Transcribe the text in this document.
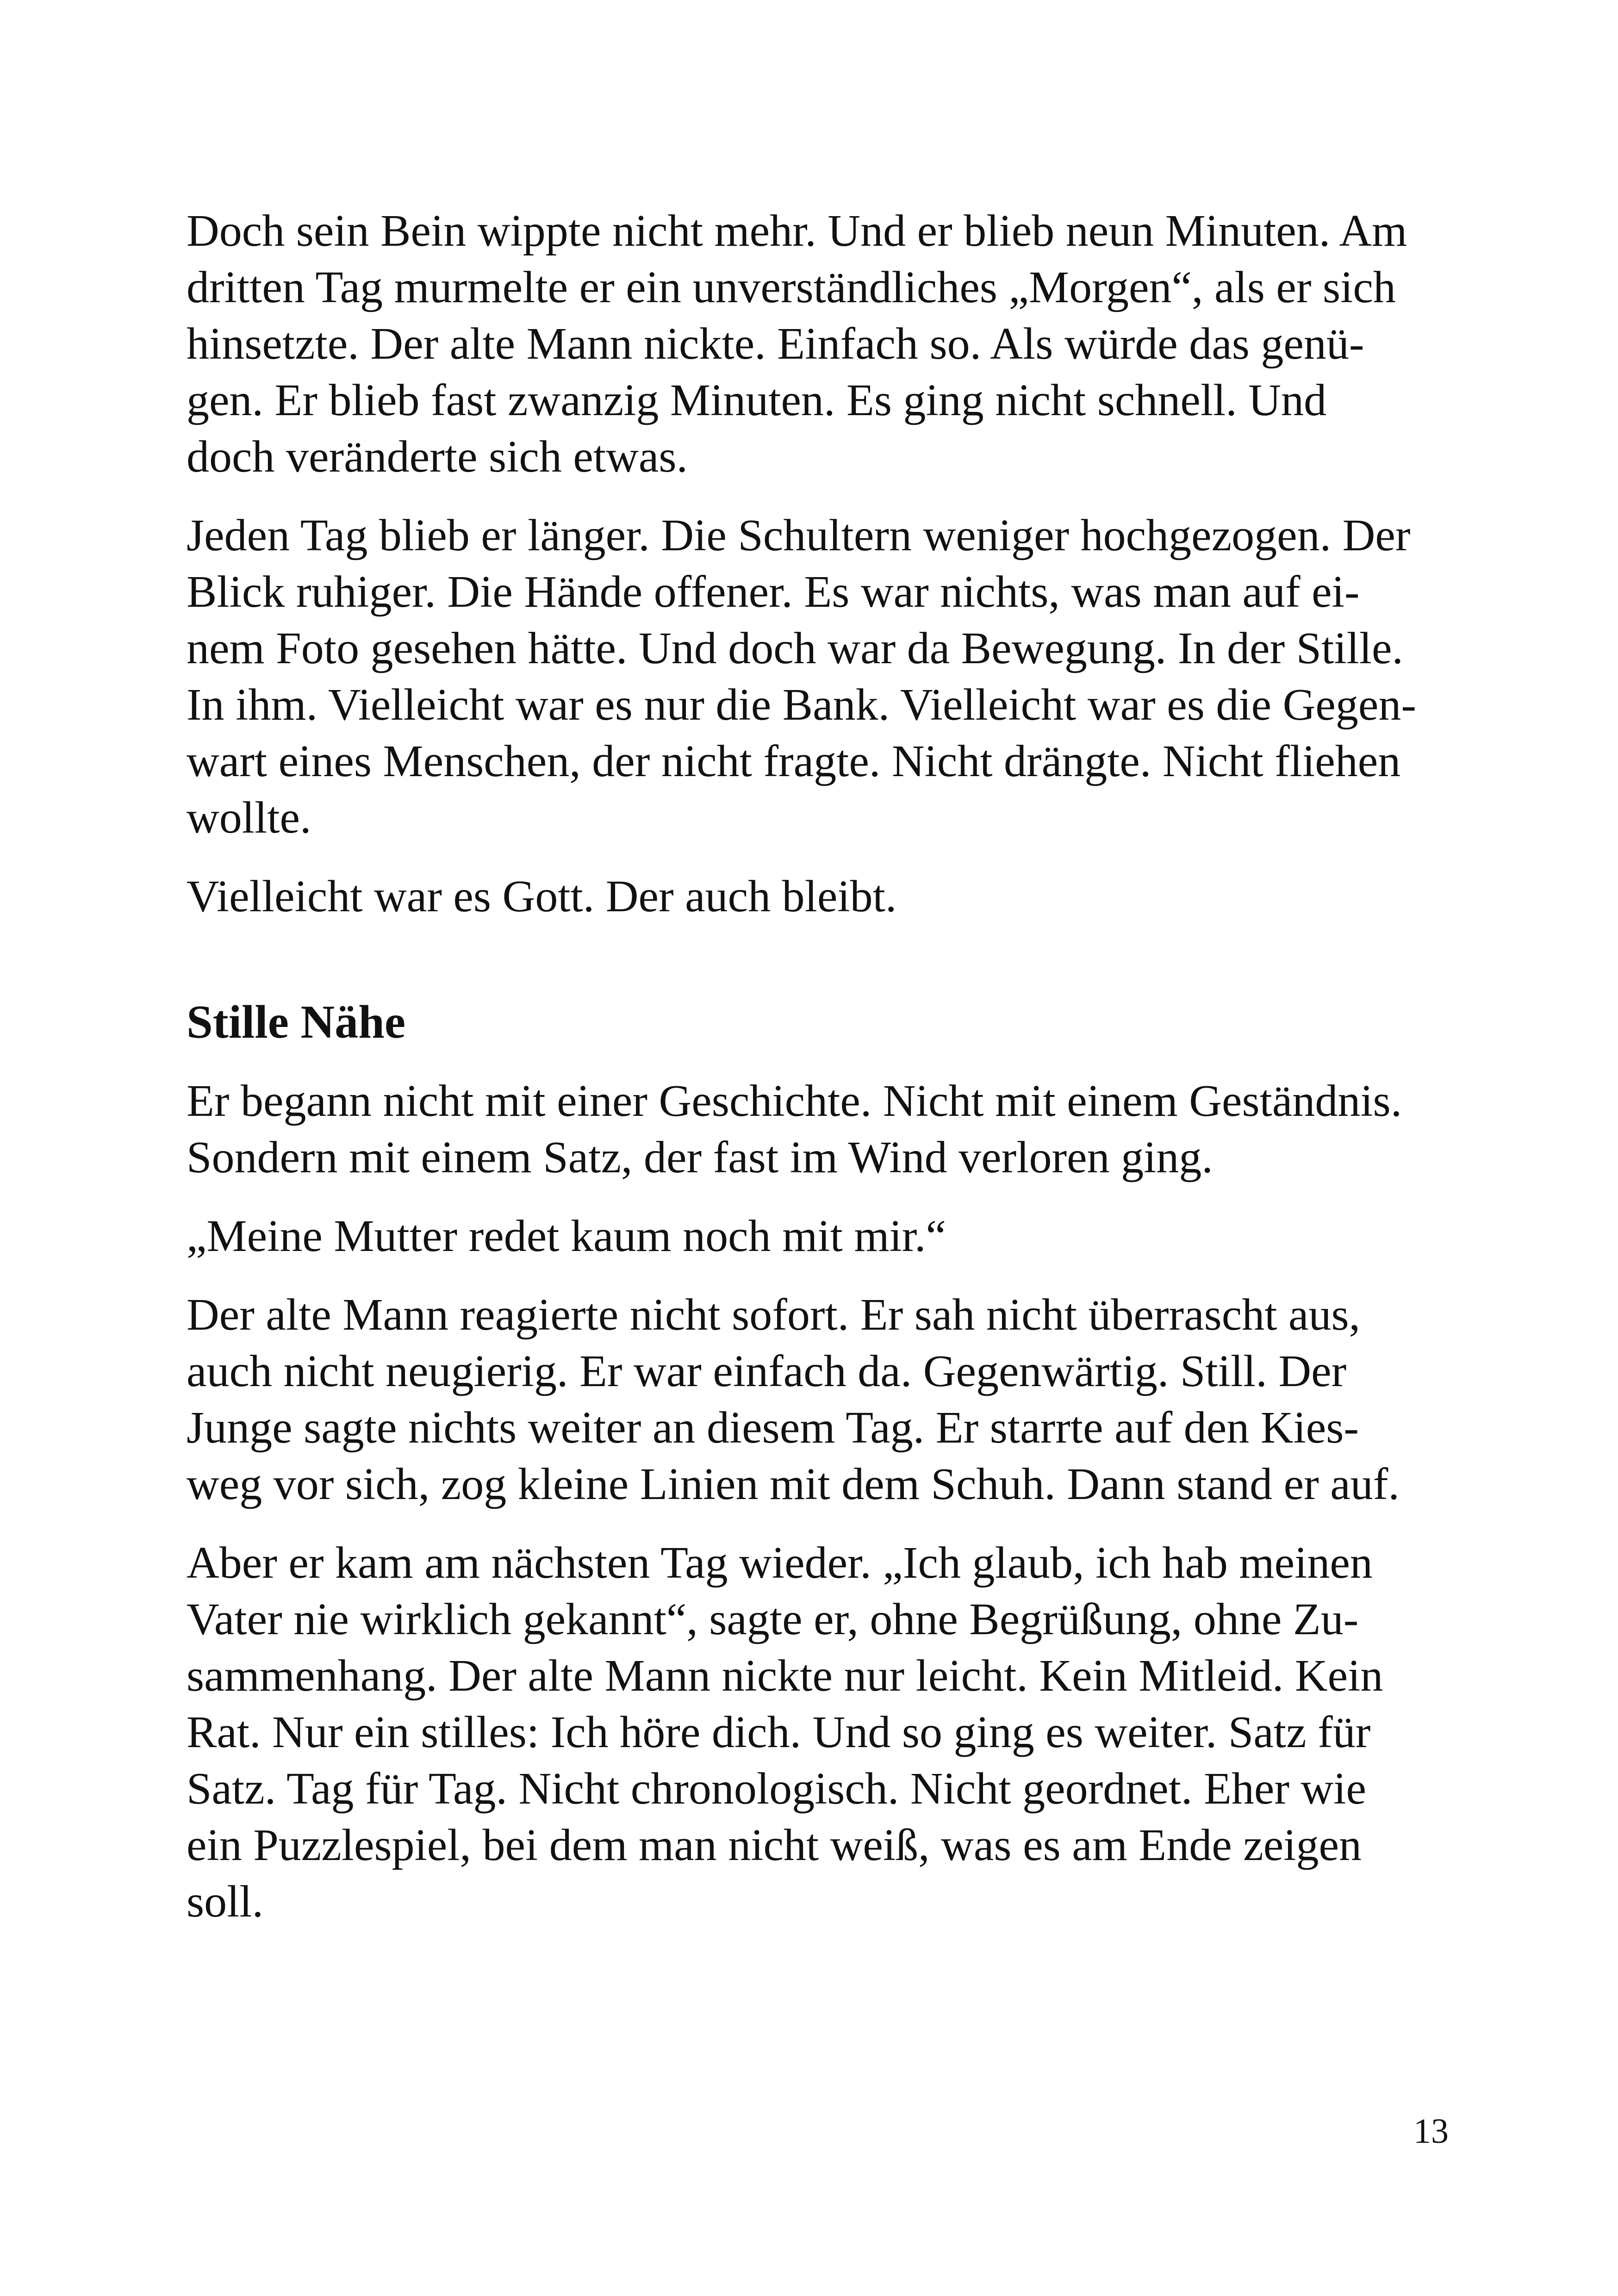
Doch sein Bein wippte nicht mehr. Und er blieb neun Minuten. Am
dritten Tag murmelte er ein unverständliches „Morgen“, als er sich
hinsetzte. Der alte Mann nickte. Einfach so. Als würde das genü-
gen. Er blieb fast zwanzig Minuten. Es ging nicht schnell. Und
doch veränderte sich etwas.

Jeden Tag blieb er länger. Die Schultern weniger hochgezogen. Der
Blick ruhiger. Die Hände offener. Es war nichts, was man auf ei-
nem Foto gesehen hätte. Und doch war da Bewegung. In der Stille.
In ihm. Vielleicht war es nur die Bank. Vielleicht war es die Gegen-
wart eines Menschen, der nicht fragte. Nicht drängte. Nicht fliehen
wollte.

Vielleicht war es Gott. Der auch bleibt.

Stille Nähe

Er begann nicht mit einer Geschichte. Nicht mit einem Geständnis.
Sondern mit einem Satz, der fast im Wind verloren ging.

„Meine Mutter redet kaum noch mit mir.“

Der alte Mann reagierte nicht sofort. Er sah nicht überrascht aus,
auch nicht neugierig. Er war einfach da. Gegenwärtig. Still. Der
Junge sagte nichts weiter an diesem Tag. Er starrte auf den Kies-
weg vor sich, zog kleine Linien mit dem Schuh. Dann stand er auf.

Aber er kam am nächsten Tag wieder. „Ich glaub, ich hab meinen
Vater nie wirklich gekannt“, sagte er, ohne Begrüßung, ohne Zu-
sammenhang. Der alte Mann nickte nur leicht. Kein Mitleid. Kein
Rat. Nur ein stilles: Ich höre dich. Und so ging es weiter. Satz für
Satz. Tag für Tag. Nicht chronologisch. Nicht geordnet. Eher wie
ein Puzzlespiel, bei dem man nicht weiß, was es am Ende zeigen
soll.

13
